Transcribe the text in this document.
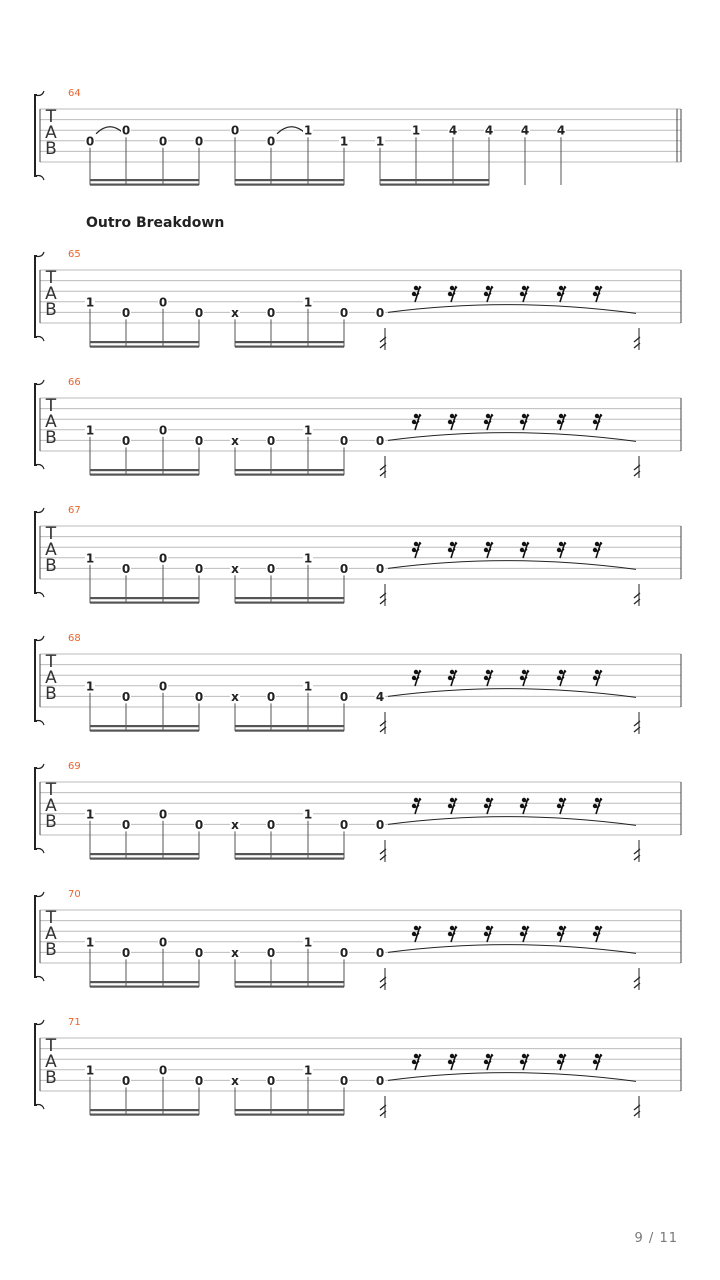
T
A
B
64
0
0
0 0
0
0
1
1 1
1 4 4 4 4
T
A
B
65
1
0
0
0 x 0
1
0 0
T
A
B
66
1
0
0
0 x 0
1
0 0
T
A
B
67
1
0
0
0 x 0
1
0 0
T
A
B
68
1
0
0
0 x 0
1
0 4
T
A
B
69
1
0
0
0 x 0
1
0 0
T
A
B
70
1
0
0
0 x 0
1
0 0
T
A
B
71
1
0
0
0 x 0
1
0 0
Outro Breakdown
9 / 11
